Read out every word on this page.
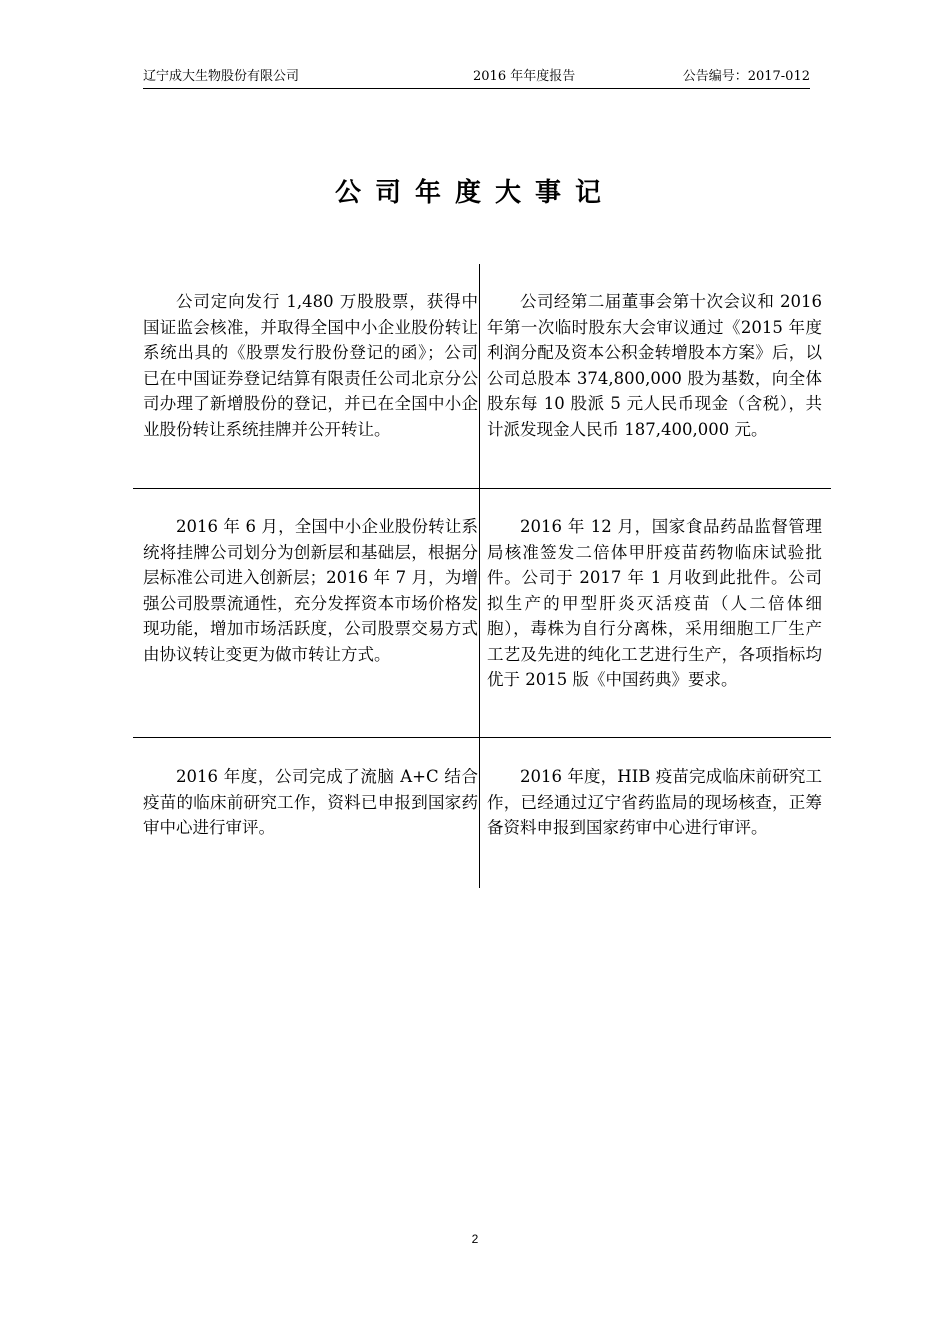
辽宁成大生物股份有限公司	2016 年年度报告	公告编号：2017-012
公司年度大事记
公司定向发行 1,480 万股股票，获得中国证监会核准，并取得全国中小企业股份转让系统出具的《股票发行股份登记的函》；公司已在中国证券登记结算有限责任公司北京分公司办理了新增股份的登记，并已在全国中小企业股份转让系统挂牌并公开转让。
公司经第二届董事会第十次会议和 2016 年第一次临时股东大会审议通过《2015 年度利润分配及资本公积金转增股本方案》后，以公司总股本 374,800,000 股为基数，向全体股东每 10 股派 5 元人民币现金（含税），共计派发现金人民币 187,400,000 元。
2016 年 6 月，全国中小企业股份转让系统将挂牌公司划分为创新层和基础层，根据分层标准公司进入创新层；2016 年 7 月，为增强公司股票流通性，充分发挥资本市场价格发现功能，增加市场活跃度，公司股票交易方式由协议转让变更为做市转让方式。
2016 年 12 月，国家食品药品监督管理局核准签发二倍体甲肝疫苗药物临床试验批件。公司于 2017 年 1 月收到此批件。公司拟生产的甲型肝炎灭活疫苗（人二倍体细胞），毒株为自行分离株，采用细胞工厂生产工艺及先进的纯化工艺进行生产，各项指标均优于 2015 版《中国药典》要求。
2016 年度，公司完成了流脑 A+C 结合疫苗的临床前研究工作，资料已申报到国家药审中心进行审评。
2016 年度，HIB 疫苗完成临床前研究工作，已经通过辽宁省药监局的现场核查，正筹备资料申报到国家药审中心进行审评。
2
